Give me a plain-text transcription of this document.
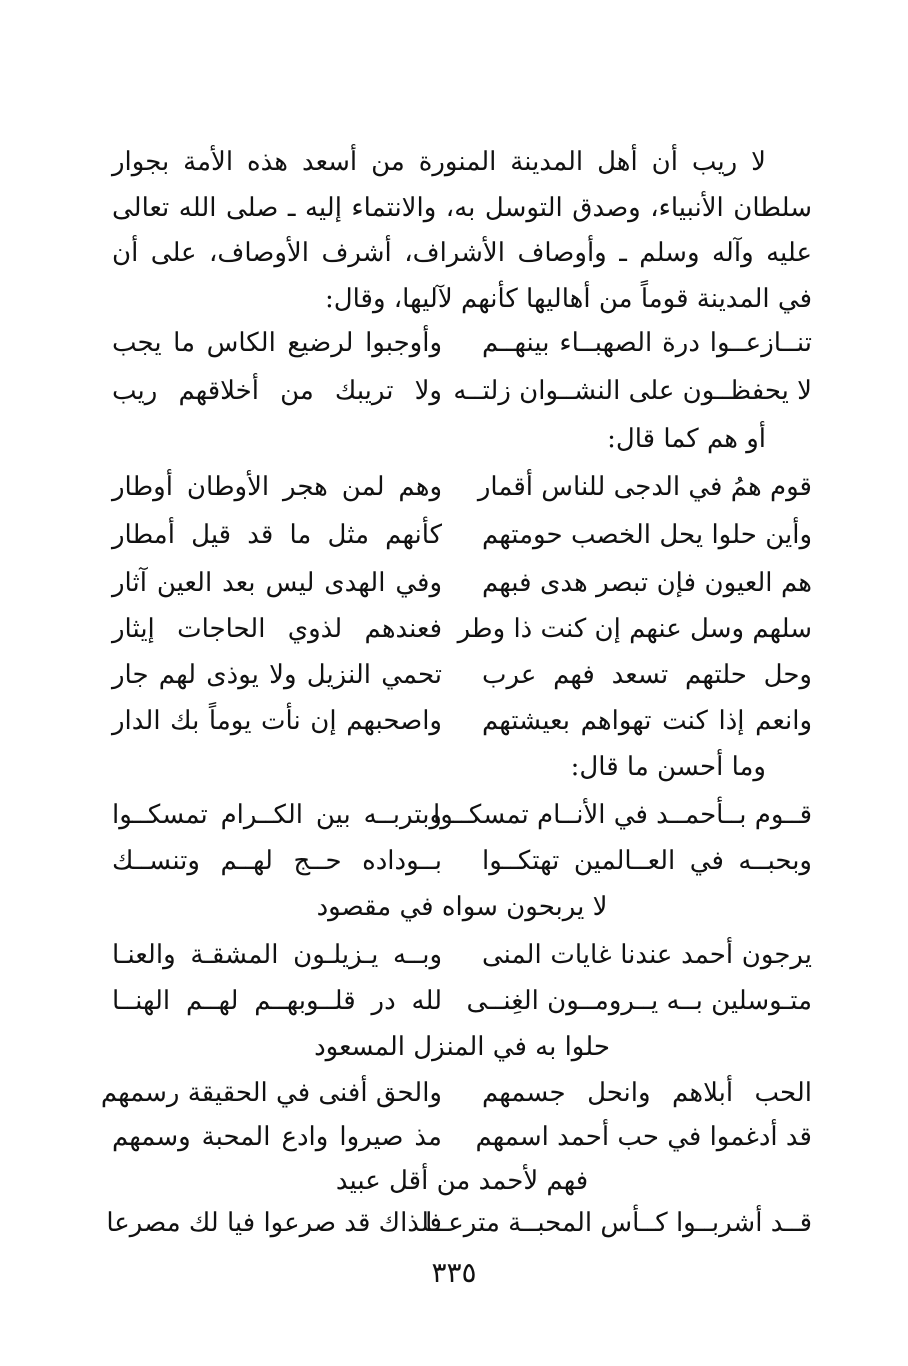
لا ريب أن أهل المدينة المنورة من أسعد هذه الأمة بجوار سلطان الأنبياء، وصدق التوسل به، والانتماء إليه ـ صلى الله تعالى عليه وآله وسلم ـ وأوصاف الأشراف، أشرف الأوصاف، على أن في المدينة قوماً من أهاليها كأنهم لآليها، وقال:
تنــازعــوا درة الصهبــاء بينهــم
وأوجبوا لرضيع الكاس ما يجب
لا يحفظــون على النشــوان زلتــه
ولا تريبك من أخلاقهم ريب
أو هم كما قال:
قوم همُ في الدجى للناس أقمار
وهم لمن هجر الأوطان أوطار
وأين حلوا يحل الخصب حومتهم
كأنهم مثل ما قد قيل أمطار
هم العيون فإن تبصر هدى فبهم
وفي الهدى ليس بعد العين آثار
سلهم وسل عنهم إن كنت ذا وطر
فعندهم لذوي الحاجات إيثار
وحل حلتهم تسعد فهم عرب
تحمي النزيل ولا يوذى لهم جار
وانعم إذا كنت تهواهم بعيشتهم
واصحبهم إن نأت يوماً بك الدار
وما أحسن ما قال:
قــوم بــأحمــد في الأنــام تمسكــوا
وبتربــه بين الكــرام تمسكــوا
وبحبــه في العــالمين تهتكــوا
بــوداده حــج لهــم وتنســك
لا يربحون سواه في مقصود
يرجون أحمد عندنا غايات المنى
وبــه يـزيلـون المشقـة والعنـا
متـوسلين بــه يــرومــون الغِنــى
لله در قلــوبهــم لهــم الهنــا
حلوا به في المنزل المسعود
الحب أبلاهم وانحل جسمهم
والحق أفنى في الحقيقة رسمهم
قد أدغموا في حب أحمد اسمهم
مذ صيروا وادع المحبة وسمهم
فهم لأحمد من أقل عبيد
قــد أشربــوا كــأس المحبــة مترعــا
فلذاك قد صرعوا فيا لك مصرعا
٣٣٥
